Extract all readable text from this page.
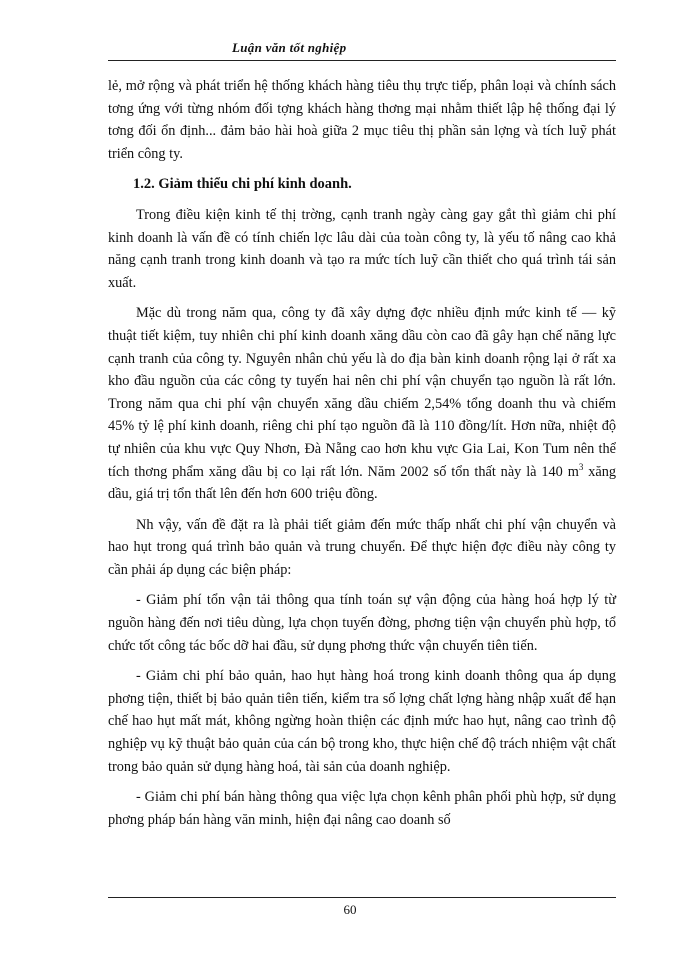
Luận văn tốt nghiệp

lẻ, mở rộng và phát triển hệ thống khách hàng tiêu thụ trực tiếp, phân loại và chính sách tơng ứng với từng nhóm đối tợng khách hàng thơng mại nhằm thiết lập hệ thống đại lý tơng đối ổn định... đảm bảo hài hoà giữa 2 mục tiêu thị phần sản lợng và tích luỹ phát triển công ty.

1.2. Giảm thiểu chi phí kinh doanh.

Trong điều kiện kinh tế thị trờng, cạnh tranh ngày càng gay gắt thì giảm chi phí kinh doanh là vấn đề có tính chiến lợc lâu dài của toàn công ty, là yếu tố nâng cao khả năng cạnh tranh trong kinh doanh và tạo ra mức tích luỹ cần thiết cho quá trình tái sản xuất.

Mặc dù trong năm qua, công ty đã xây dựng đợc nhiều định mức kinh tế — kỹ thuật tiết kiệm, tuy nhiên chi phí kinh doanh xăng dầu còn cao đã gây hạn chế năng lực cạnh tranh của công ty. Nguyên nhân chủ yếu là do địa bàn kinh doanh rộng lại ở rất xa kho đầu nguồn của các công ty tuyến hai nên chi phí vận chuyển tạo nguồn là rất lớn. Trong năm qua chi phí vận chuyển xăng dầu chiếm 2,54% tổng doanh thu và chiếm 45% tỷ lệ phí kinh doanh, riêng chi phí tạo nguồn đã là 110 đồng/lít. Hơn nữa, nhiệt độ tự nhiên của khu vực Quy Nhơn, Đà Nẵng cao hơn khu vực Gia Lai, Kon Tum nên thể tích thơng phẩm xăng dầu bị co lại rất lớn. Năm 2002 số tổn thất này là 140 $m^3$ xăng dầu, giá trị tổn thất lên đến hơn 600 triệu đồng.

Nh vậy, vấn đề đặt ra là phải tiết giảm đến mức thấp nhất chi phí vận chuyển và hao hụt trong quá trình bảo quản và trung chuyển. Để thực hiện đợc điều này công ty cần phải áp dụng các biện pháp:

- Giảm phí tổn vận tải thông qua tính toán sự vận động của hàng hoá hợp lý từ nguồn hàng đến nơi tiêu dùng, lựa chọn tuyến đờng, phơng tiện vận chuyển phù hợp, tổ chức tốt công tác bốc dỡ hai đầu, sử dụng phơng thức vận chuyển tiên tiến.

- Giảm chi phí bảo quản, hao hụt hàng hoá trong kinh doanh thông qua áp dụng phơng tiện, thiết bị bảo quản tiên tiến, kiểm tra số lợng chất lợng hàng nhập xuất để hạn chế hao hụt mất mát, không ngừng hoàn thiện các định mức hao hụt, nâng cao trình độ nghiệp vụ kỹ thuật bảo quản của cán bộ trong kho, thực hiện chế độ trách nhiệm vật chất trong bảo quản sử dụng hàng hoá, tài sản của doanh nghiệp.

- Giảm chi phí bán hàng thông qua việc lựa chọn kênh phân phối phù hợp, sử dụng phơng pháp bán hàng văn minh, hiện đại nâng cao doanh số

60
